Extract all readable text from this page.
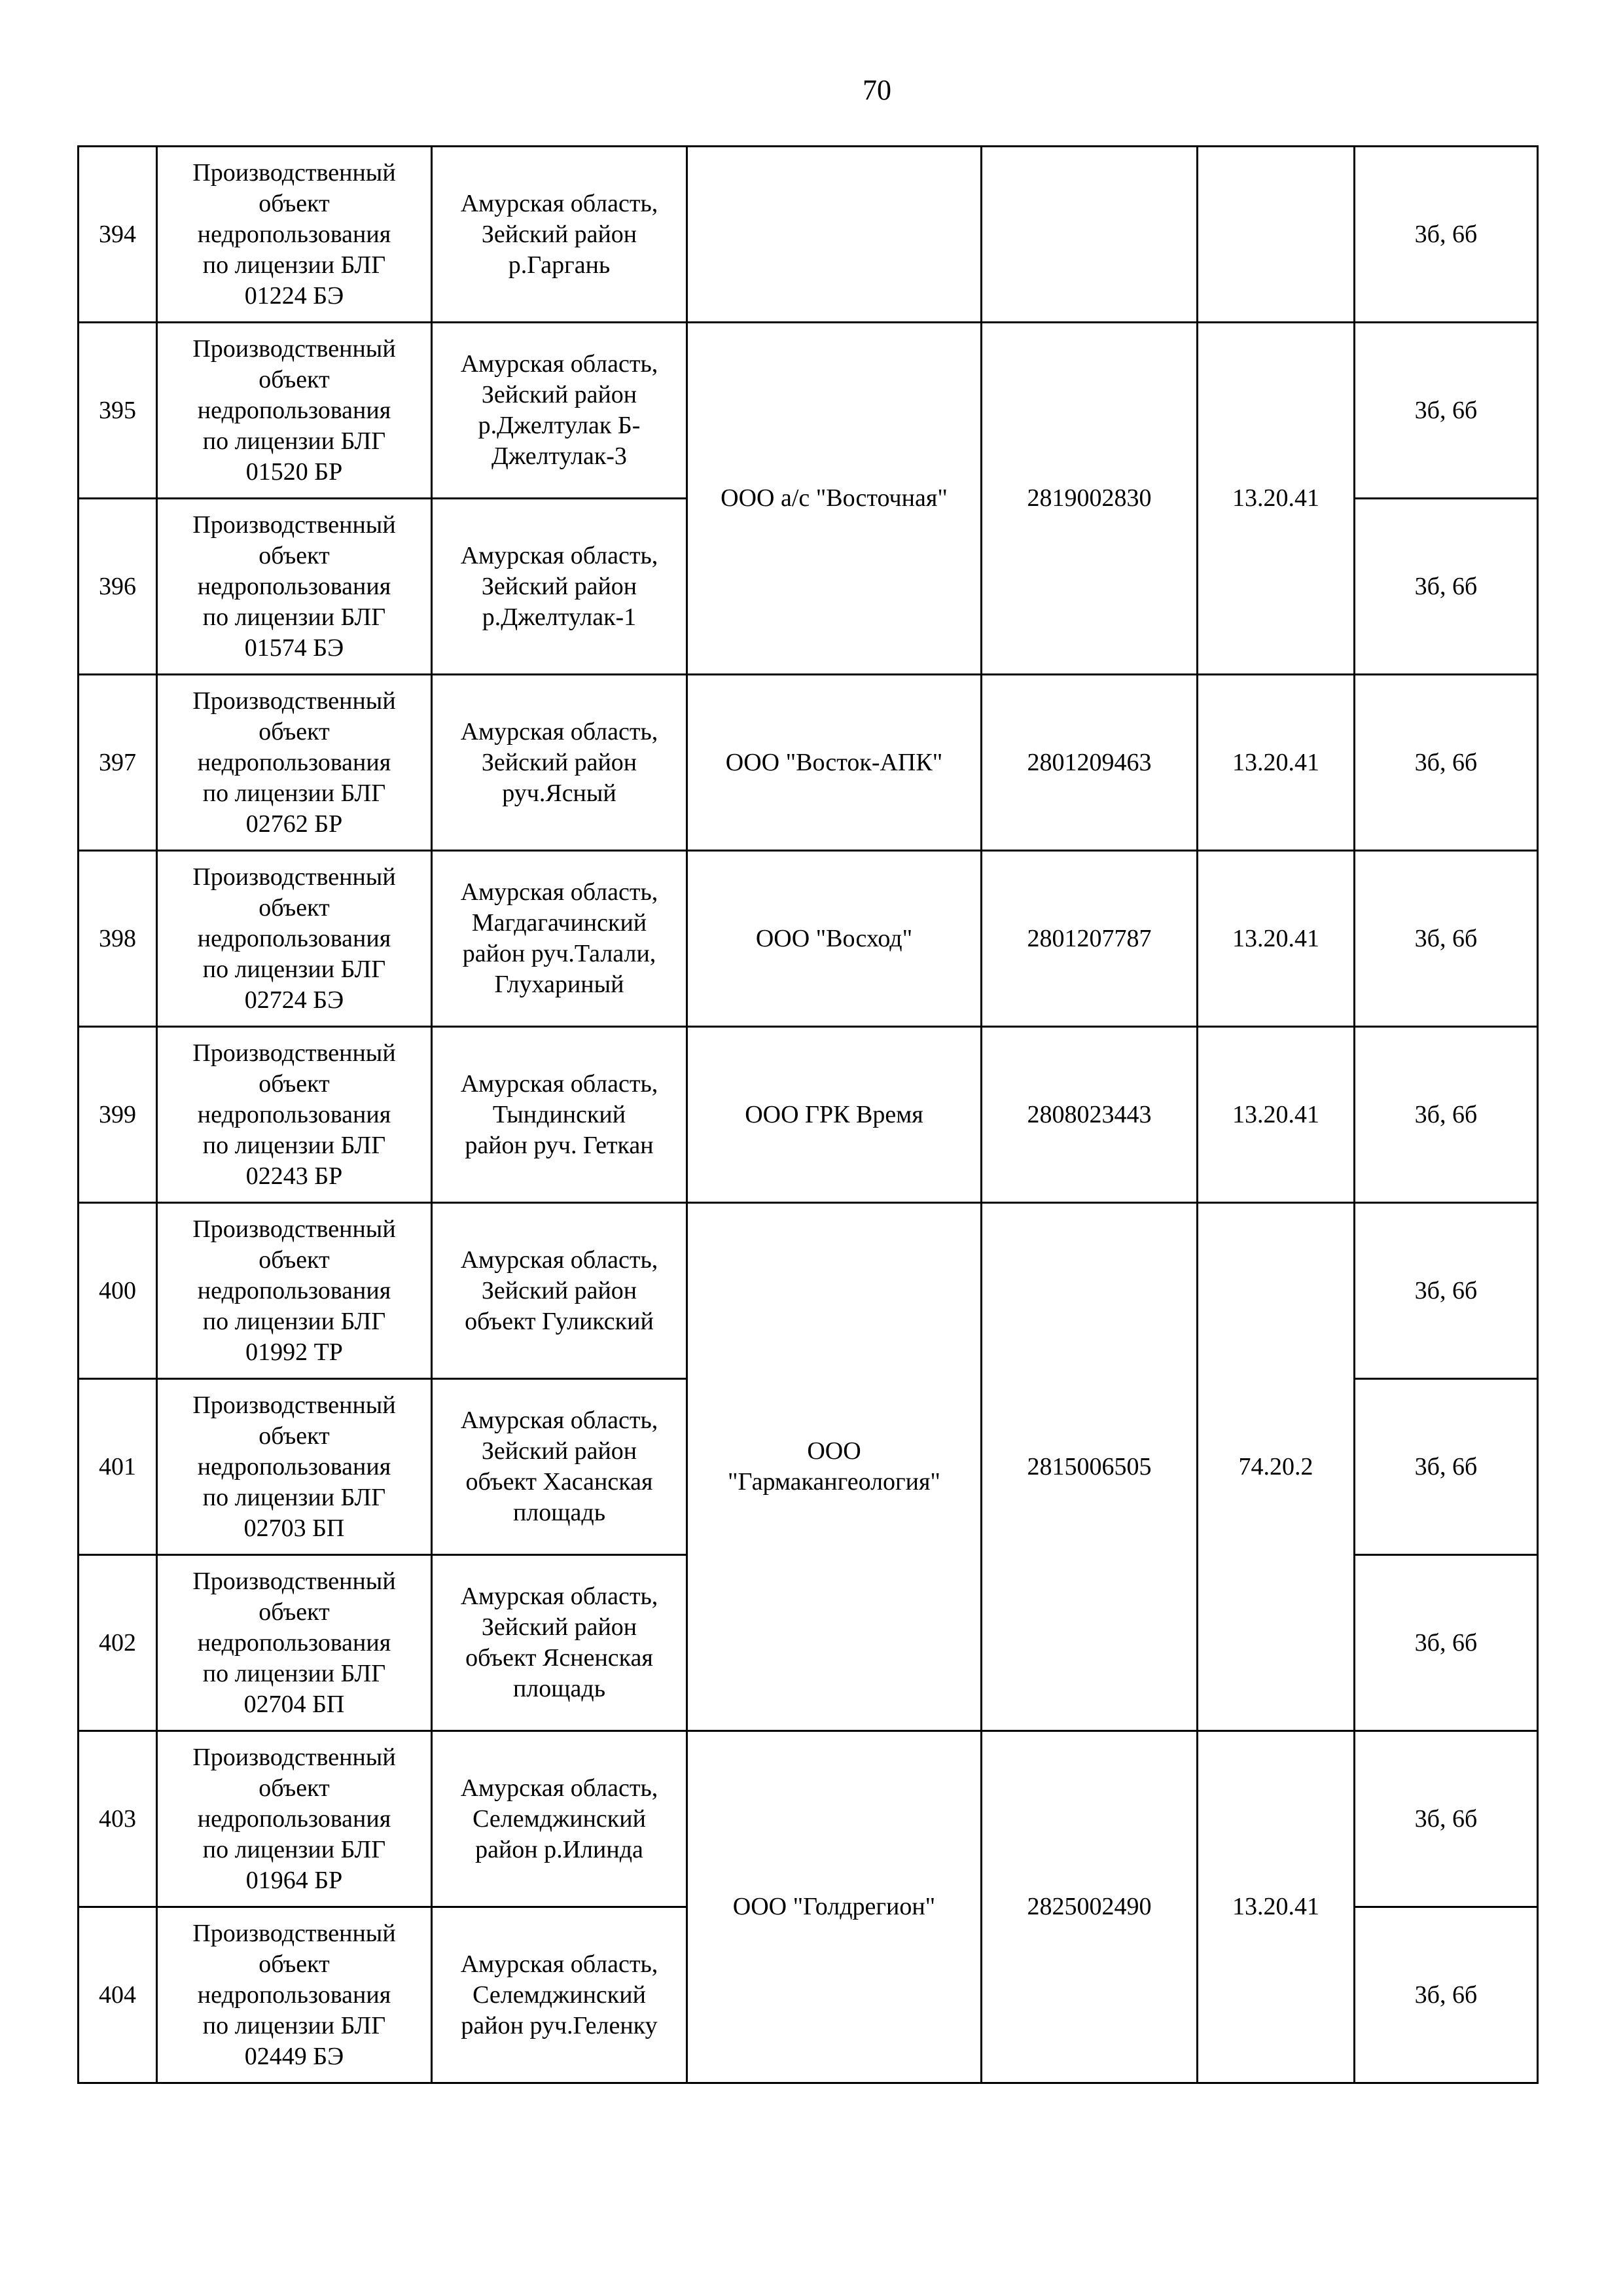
70
394	Производственный
объект
недропользования
по лицензии БЛГ
01224 БЭ	Амурская область,
Зейский район
р.Гаргань				3б, 6б
395	Производственный
объект
недропользования
по лицензии БЛГ
01520 БР	Амурская область,
Зейский район
р.Джелтулак Б-
Джелтулак-3	ООО а/с "Восточная"	2819002830	13.20.41	3б, 6б
396	Производственный
объект
недропользования
по лицензии БЛГ
01574 БЭ	Амурская область,
Зейский район
р.Джелтулак-1				3б, 6б
397	Производственный
объект
недропользования
по лицензии БЛГ
02762 БР	Амурская область,
Зейский район
руч.Ясный	ООО "Восток-АПК"	2801209463	13.20.41	3б, 6б
398	Производственный
объект
недропользования
по лицензии БЛГ
02724 БЭ	Амурская область,
Магдагачинский
район руч.Талали,
Глухариный	ООО "Восход"	2801207787	13.20.41	3б, 6б
399	Производственный
объект
недропользования
по лицензии БЛГ
02243 БР	Амурская область,
Тындинский
район руч. Геткан	ООО ГРК Время	2808023443	13.20.41	3б, 6б
400	Производственный
объект
недропользования
по лицензии БЛГ
01992 ТР	Амурская область,
Зейский район
объект Гуликский	ООО
"Гармакангеология"	2815006505	74.20.2	3б, 6б
401	Производственный
объект
недропользования
по лицензии БЛГ
02703 БП	Амурская область,
Зейский район
объект Хасанская
площадь				3б, 6б
402	Производственный
объект
недропользования
по лицензии БЛГ
02704 БП	Амурская область,
Зейский район
объект Ясненская
площадь				3б, 6б
403	Производственный
объект
недропользования
по лицензии БЛГ
01964 БР	Амурская область,
Селемджинский
район р.Илинда	ООО "Голдрегион"	2825002490	13.20.41	3б, 6б
404	Производственный
объект
недропользования
по лицензии БЛГ
02449 БЭ	Амурская область,
Селемджинский
район руч.Геленку				3б, 6б
